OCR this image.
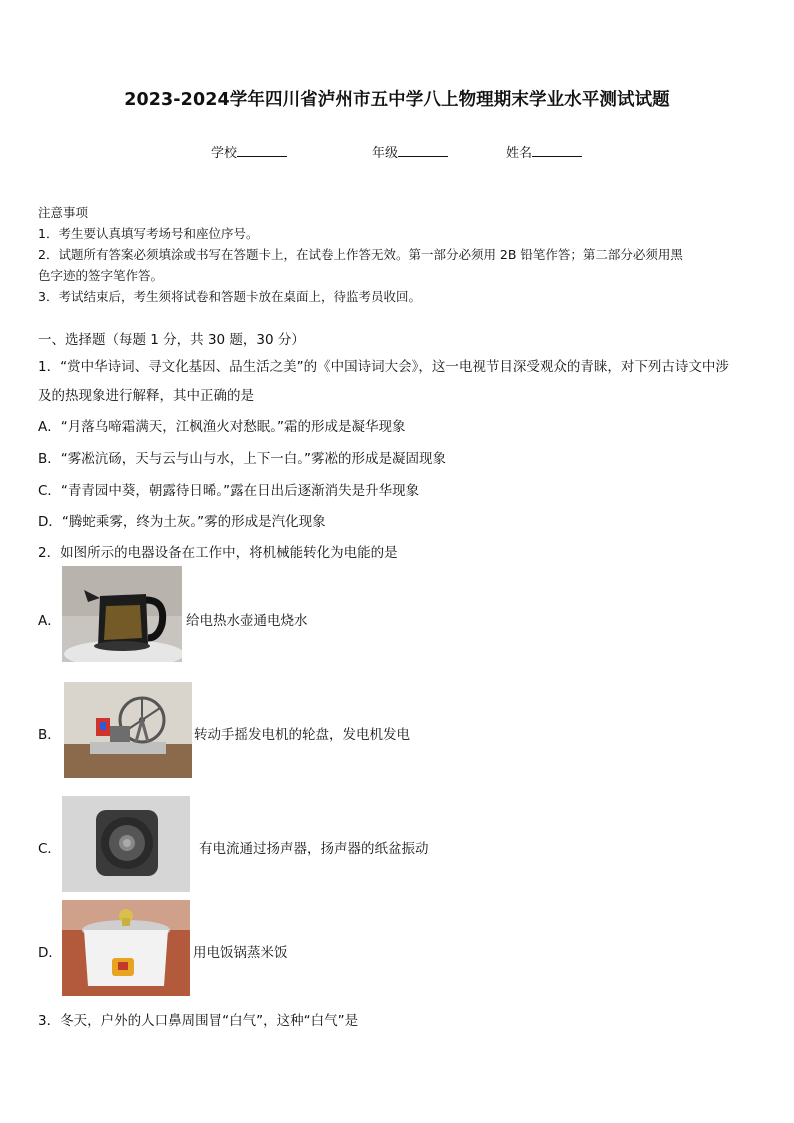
2023-2024学年四川省泸州市五中学八上物理期末学业水平测试试题
学校	年级	姓名
注意事项
1．考生要认真填写考场号和座位序号。
2．试题所有答案必须填涂或书写在答题卡上，在试卷上作答无效。第一部分必须用 2B 铅笔作答；第二部分必须用黑
色字迹的签字笔作答。
3．考试结束后，考生须将试卷和答题卡放在桌面上，待监考员收回。
一、选择题（每题 1 分，共 30 题，30 分）
1．“赏中华诗词、寻文化基因、品生活之美”的《中国诗词大会》，这一电视节目深受观众的青睐，对下列古诗文中涉
及的热现象进行解释，其中正确的是
A．“月落乌啼霜满天，江枫渔火对愁眠。”霜的形成是凝华现象
B．“雾凇沆砀，天与云与山与水，上下一白。”雾凇的形成是凝固现象
C．“青青园中葵，朝露待日晞。”露在日出后逐渐消失是升华现象
D．“腾蛇乘雾，终为土灰。”雾的形成是汽化现象
2．如图所示的电器设备在工作中，将机械能转化为电能的是
A．	给电热水壶通电烧水
B．	转动手摇发电机的轮盘，发电机发电
C．	有电流通过扬声器，扬声器的纸盆振动
D．	用电饭锅蒸米饭
3．冬天，户外的人口鼻周围冒“白气”，这种“白气”是
